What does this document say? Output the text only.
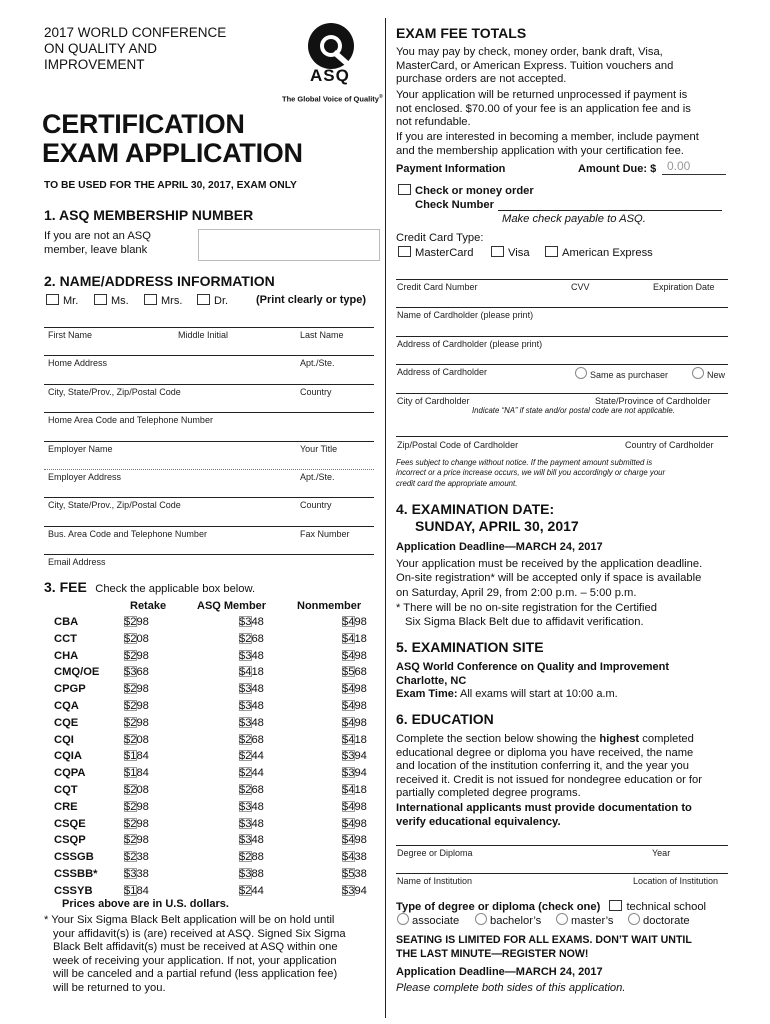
2017 WORLD CONFERENCE
ON QUALITY AND
IMPROVEMENT
ASQ
The Global Voice of Quality®
CERTIFICATION
EXAM APPLICATION
TO BE USED FOR THE APRIL 30, 2017, EXAM ONLY
1. ASQ MEMBERSHIP NUMBER
If you are not an ASQ
member, leave blank
2. NAME/ADDRESS INFORMATION
Mr.	Ms.	Mrs.	Dr.	(Print clearly or type)
First Name	Middle Initial	Last Name
Home Address	Apt./Ste.
City, State/Prov., Zip/Postal Code	Country
Home Area Code and Telephone Number
Employer Name	Your Title
Employer Address	Apt./Ste.
City, State/Prov., Zip/Postal Code	Country
Bus. Area Code and Telephone Number	Fax Number
Email Address
3. FEE Check the applicable box below.
Retake	ASQ Member	Nonmember
CBA	$298	$348	$498
CCT	$208	$268	$418
CHA	$298	$348	$498
CMQ/OE $368	$418	$568
CPGP	$298	$348	$498
CQA	$298	$348	$498
CQE	$298	$348	$498
CQI	$208	$268	$418
CQIA	$184	$244	$394
CQPA	$184	$244	$394
CQT	$208	$268	$418
CRE	$298	$348	$498
CSQE	$298	$348	$498
CSQP	$298	$348	$498
CSSGB	$238	$288	$438
CSSBB* $338	$388	$538
CSSYB	$184	$244	$394
Prices above are in U.S. dollars.
* Your Six Sigma Black Belt application will be on hold until
your affidavit(s) is (are) received at ASQ. Signed Six Sigma
Black Belt affidavit(s) must be received at ASQ within one
week of receiving your application. If not, your application
will be canceled and a partial refund (less application fee)
will be returned to you.
EXAM FEE TOTALS
You may pay by check, money order, bank draft, Visa,
MasterCard, or American Express. Tuition vouchers and
purchase orders are not accepted.
Your application will be returned unprocessed if payment is
not enclosed. $70.00 of your fee is an application fee and is
not refundable.
If you are interested in becoming a member, include payment
and the membership application with your certification fee.
Payment Information	Amount Due: $ 0.00
Check or money order
Check Number
Make check payable to ASQ.
Credit Card Type:
MasterCard	Visa	American Express
Credit Card Number	CVV	Expiration Date
Name of Cardholder (please print)
Address of Cardholder (please print)
Address of Cardholder	Same as purchaser	New
City of Cardholder	State/Province of Cardholder
Indicate “NA” if state and/or postal code are not applicable.
Zip/Postal Code of Cardholder	Country of Cardholder
Fees subject to change without notice. If the payment amount submitted is
incorrect or a price increase occurs, we will bill you accordingly or charge your
credit card the appropriate amount.
4. EXAMINATION DATE:
SUNDAY, APRIL 30, 2017
Application Deadline—MARCH 24, 2017
Your application must be received by the application deadline.
On-site registration* will be accepted only if space is available
on Saturday, April 29, from 2:00 p.m. – 5:00 p.m.
* There will be no on-site registration for the Certified
Six Sigma Black Belt due to affidavit verification.
5. EXAMINATION SITE
ASQ World Conference on Quality and Improvement
Charlotte, NC
Exam Time: All exams will start at 10:00 a.m.
6. EDUCATION
Complete the section below showing the highest completed
educational degree or diploma you have received, the name
and location of the institution conferring it, and the year you
received it. Credit is not issued for nondegree education or for
partially completed degree programs.
International applicants must provide documentation to
verify educational equivalency.
Degree or Diploma	Year
Name of Institution	Location of Institution
Type of degree or diploma (check one) technical school
associate	bachelor’s	master’s	doctorate
SEATING IS LIMITED FOR ALL EXAMS. DON’T WAIT UNTIL
THE LAST MINUTE—REGISTER NOW!
Application Deadline—MARCH 24, 2017
Please complete both sides of this application.
